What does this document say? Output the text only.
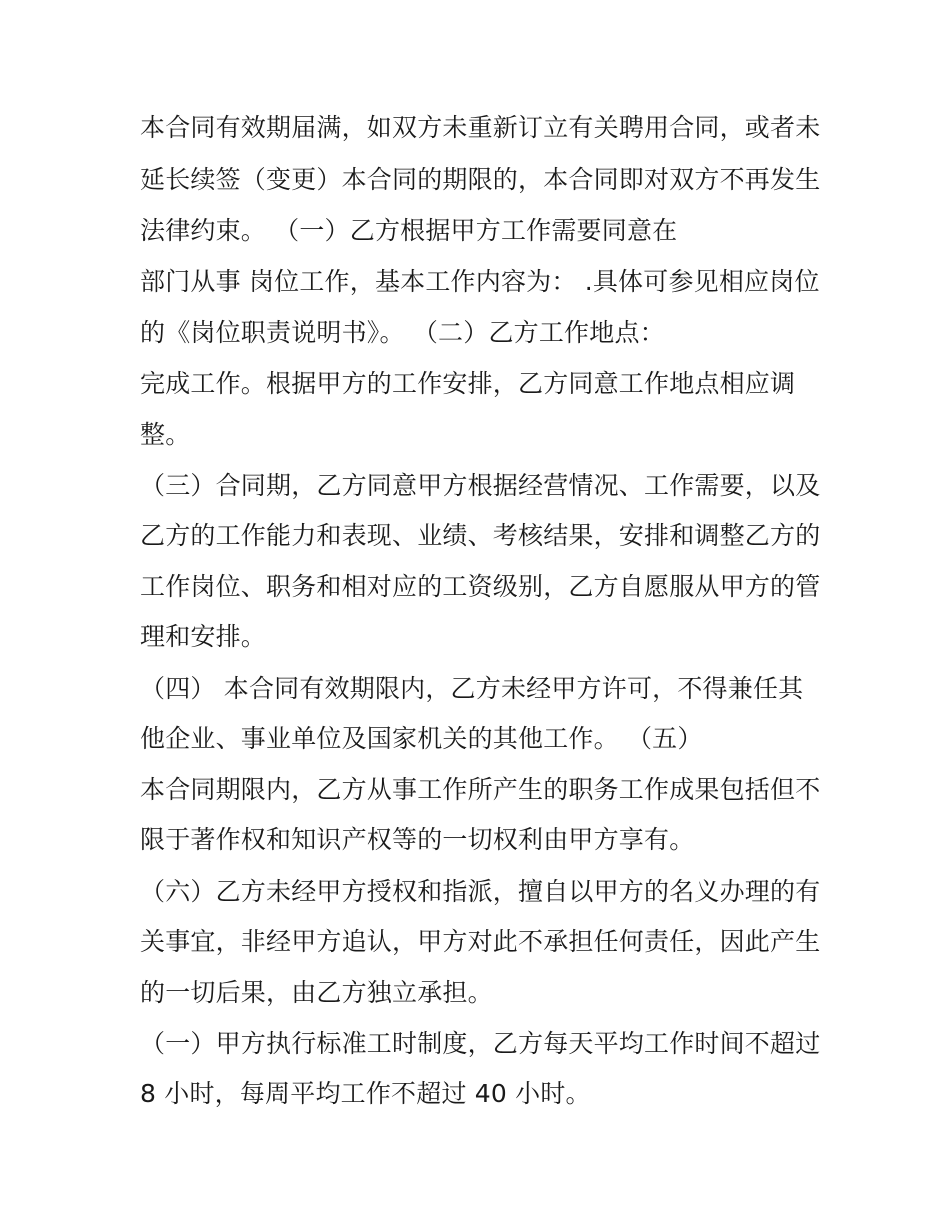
本合同有效期届满，如双方未重新订立有关聘用合同，或者未
延长续签（变更）本合同的期限的，本合同即对双方不再发生
法律约束。 （一）乙方根据甲方工作需要同意在
部门从事 岗位工作，基本工作内容为： .具体可参见相应岗位
的《岗位职责说明书》。 （二）乙方工作地点：
完成工作。根据甲方的工作安排，乙方同意工作地点相应调
整。
（三）合同期，乙方同意甲方根据经营情况、工作需要，以及
乙方的工作能力和表现、业绩、考核结果，安排和调整乙方的
工作岗位、职务和相对应的工资级别，乙方自愿服从甲方的管
理和安排。
（四） 本合同有效期限内，乙方未经甲方许可，不得兼任其
他企业、事业单位及国家机关的其他工作。 （五）
本合同期限内，乙方从事工作所产生的职务工作成果包括但不
限于著作权和知识产权等的一切权利由甲方享有。
（六）乙方未经甲方授权和指派，擅自以甲方的名义办理的有
关事宜，非经甲方追认，甲方对此不承担任何责任，因此产生
的一切后果，由乙方独立承担。
（一）甲方执行标准工时制度，乙方每天平均工作时间不超过
8 小时，每周平均工作不超过 40 小时。
